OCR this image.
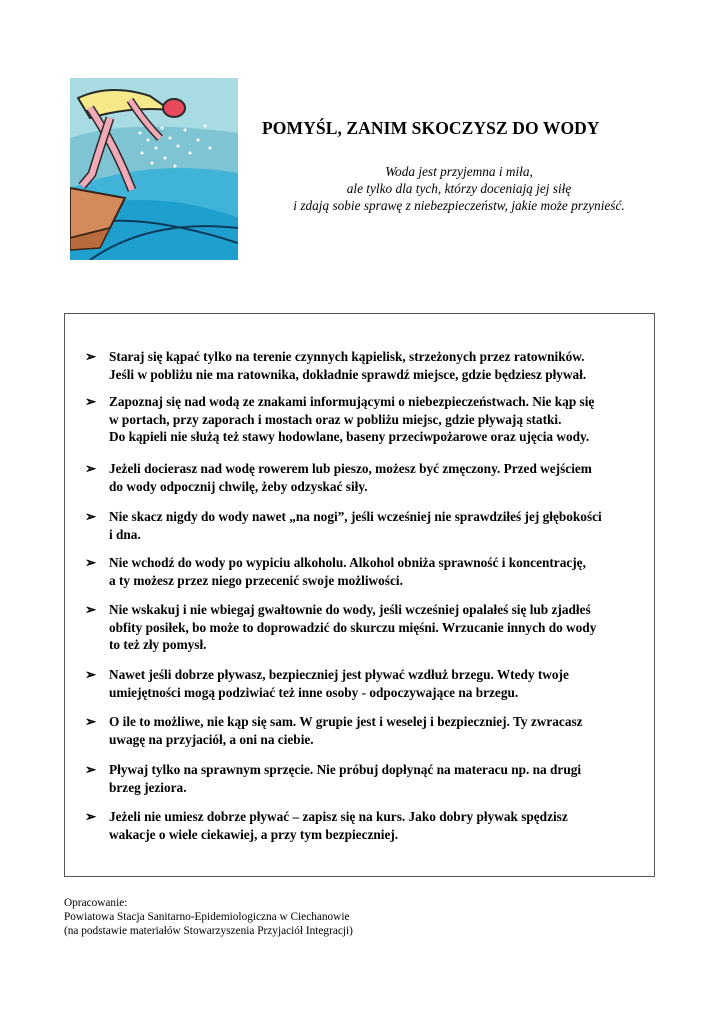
POMYŚL, ZANIM SKOCZYSZ DO WODY
Woda jest przyjemna i miła,
ale tylko dla tych, którzy doceniają jej siłę
i zdają sobie sprawę z niebezpieczeństw, jakie może przynieść.
➢ Staraj się kąpać tylko na terenie czynnych kąpielisk, strzeżonych przez ratowników.
Jeśli w pobliżu nie ma ratownika, dokładnie sprawdź miejsce, gdzie będziesz pływał.
➢ Zapoznaj się nad wodą ze znakami informującymi o niebezpieczeństwach. Nie kąp się
w portach, przy zaporach i mostach oraz w pobliżu miejsc, gdzie pływają statki.
Do kąpieli nie służą też stawy hodowlane, baseny przeciwpożarowe oraz ujęcia wody.
➢ Jeżeli docierasz nad wodę rowerem lub pieszo, możesz być zmęczony. Przed wejściem
do wody odpocznij chwilę, żeby odzyskać siły.
➢ Nie skacz nigdy do wody nawet „na nogi”, jeśli wcześniej nie sprawdziłeś jej głębokości
i dna.
➢ Nie wchodź do wody po wypiciu alkoholu. Alkohol obniża sprawność i koncentrację,
a ty możesz przez niego przecenić swoje możliwości.
➢ Nie wskakuj i nie wbiegaj gwałtownie do wody, jeśli wcześniej opalałeś się lub zjadłeś
obfity posiłek, bo może to doprowadzić do skurczu mięśni. Wrzucanie innych do wody
to też zły pomysł.
➢ Nawet jeśli dobrze pływasz, bezpieczniej jest pływać wzdłuż brzegu. Wtedy twoje
umiejętności mogą podziwiać też inne osoby - odpoczywające na brzegu.
➢ O ile to możliwe, nie kąp się sam. W grupie jest i weselej i bezpieczniej. Ty zwracasz
uwagę na przyjaciół, a oni na ciebie.
➢ Pływaj tylko na sprawnym sprzęcie. Nie próbuj dopłynąć na materacu np. na drugi
brzeg jeziora.
➢ Jeżeli nie umiesz dobrze pływać – zapisz się na kurs. Jako dobry pływak spędzisz
wakacje o wiele ciekawiej, a przy tym bezpieczniej.
Opracowanie:
Powiatowa Stacja Sanitarno-Epidemiologiczna w Ciechanowie
(na podstawie materiałów Stowarzyszenia Przyjaciół Integracji)
